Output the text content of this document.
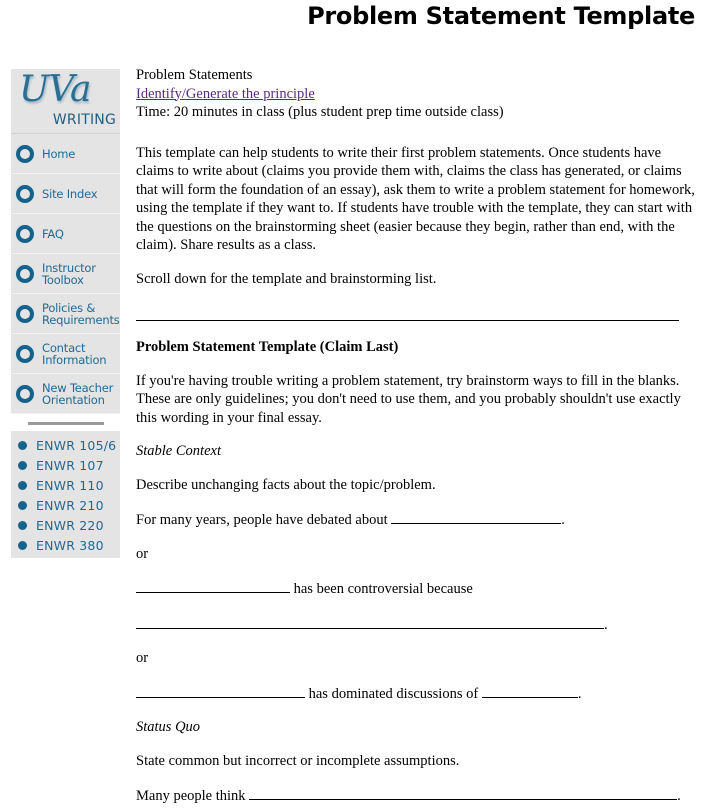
Problem Statement Template
UVa
WRITING
Home
Site Index
FAQ
Instructor
Toolbox
Policies &
Requirements
Contact
Information
New Teacher
Orientation
ENWR 105/6
ENWR 107
ENWR 110
ENWR 210
ENWR 220
ENWR 380

Problem Statements

Identify/Generate the principle

Time: 20 minutes in class (plus student prep time outside class)

This template can help students to write their first problem statements. Once students have claims to write about (claims you provide them with, claims the class has generated, or claims that will form the foundation of an essay), ask them to write a problem statement for homework, using the template if they want to. If students have trouble with the template, they can start with the questions on the brainstorming sheet (easier because they begin, rather than end, with the claim). Share results as a class.

Scroll down for the template and brainstorming list.

Problem Statement Template (Claim Last)

If you're having trouble writing a problem statement, try brainstorm ways to fill in the blanks. These are only guidelines; you don't need to use them, and you probably shouldn't use exactly this wording in your final essay.

Stable Context

Describe unchanging facts about the topic/problem.

For many years, people have debated about	.

or

has been controversial because

.

or

has dominated discussions of	.

Status Quo

State common but incorrect or incomplete assumptions.

Many people think	.
